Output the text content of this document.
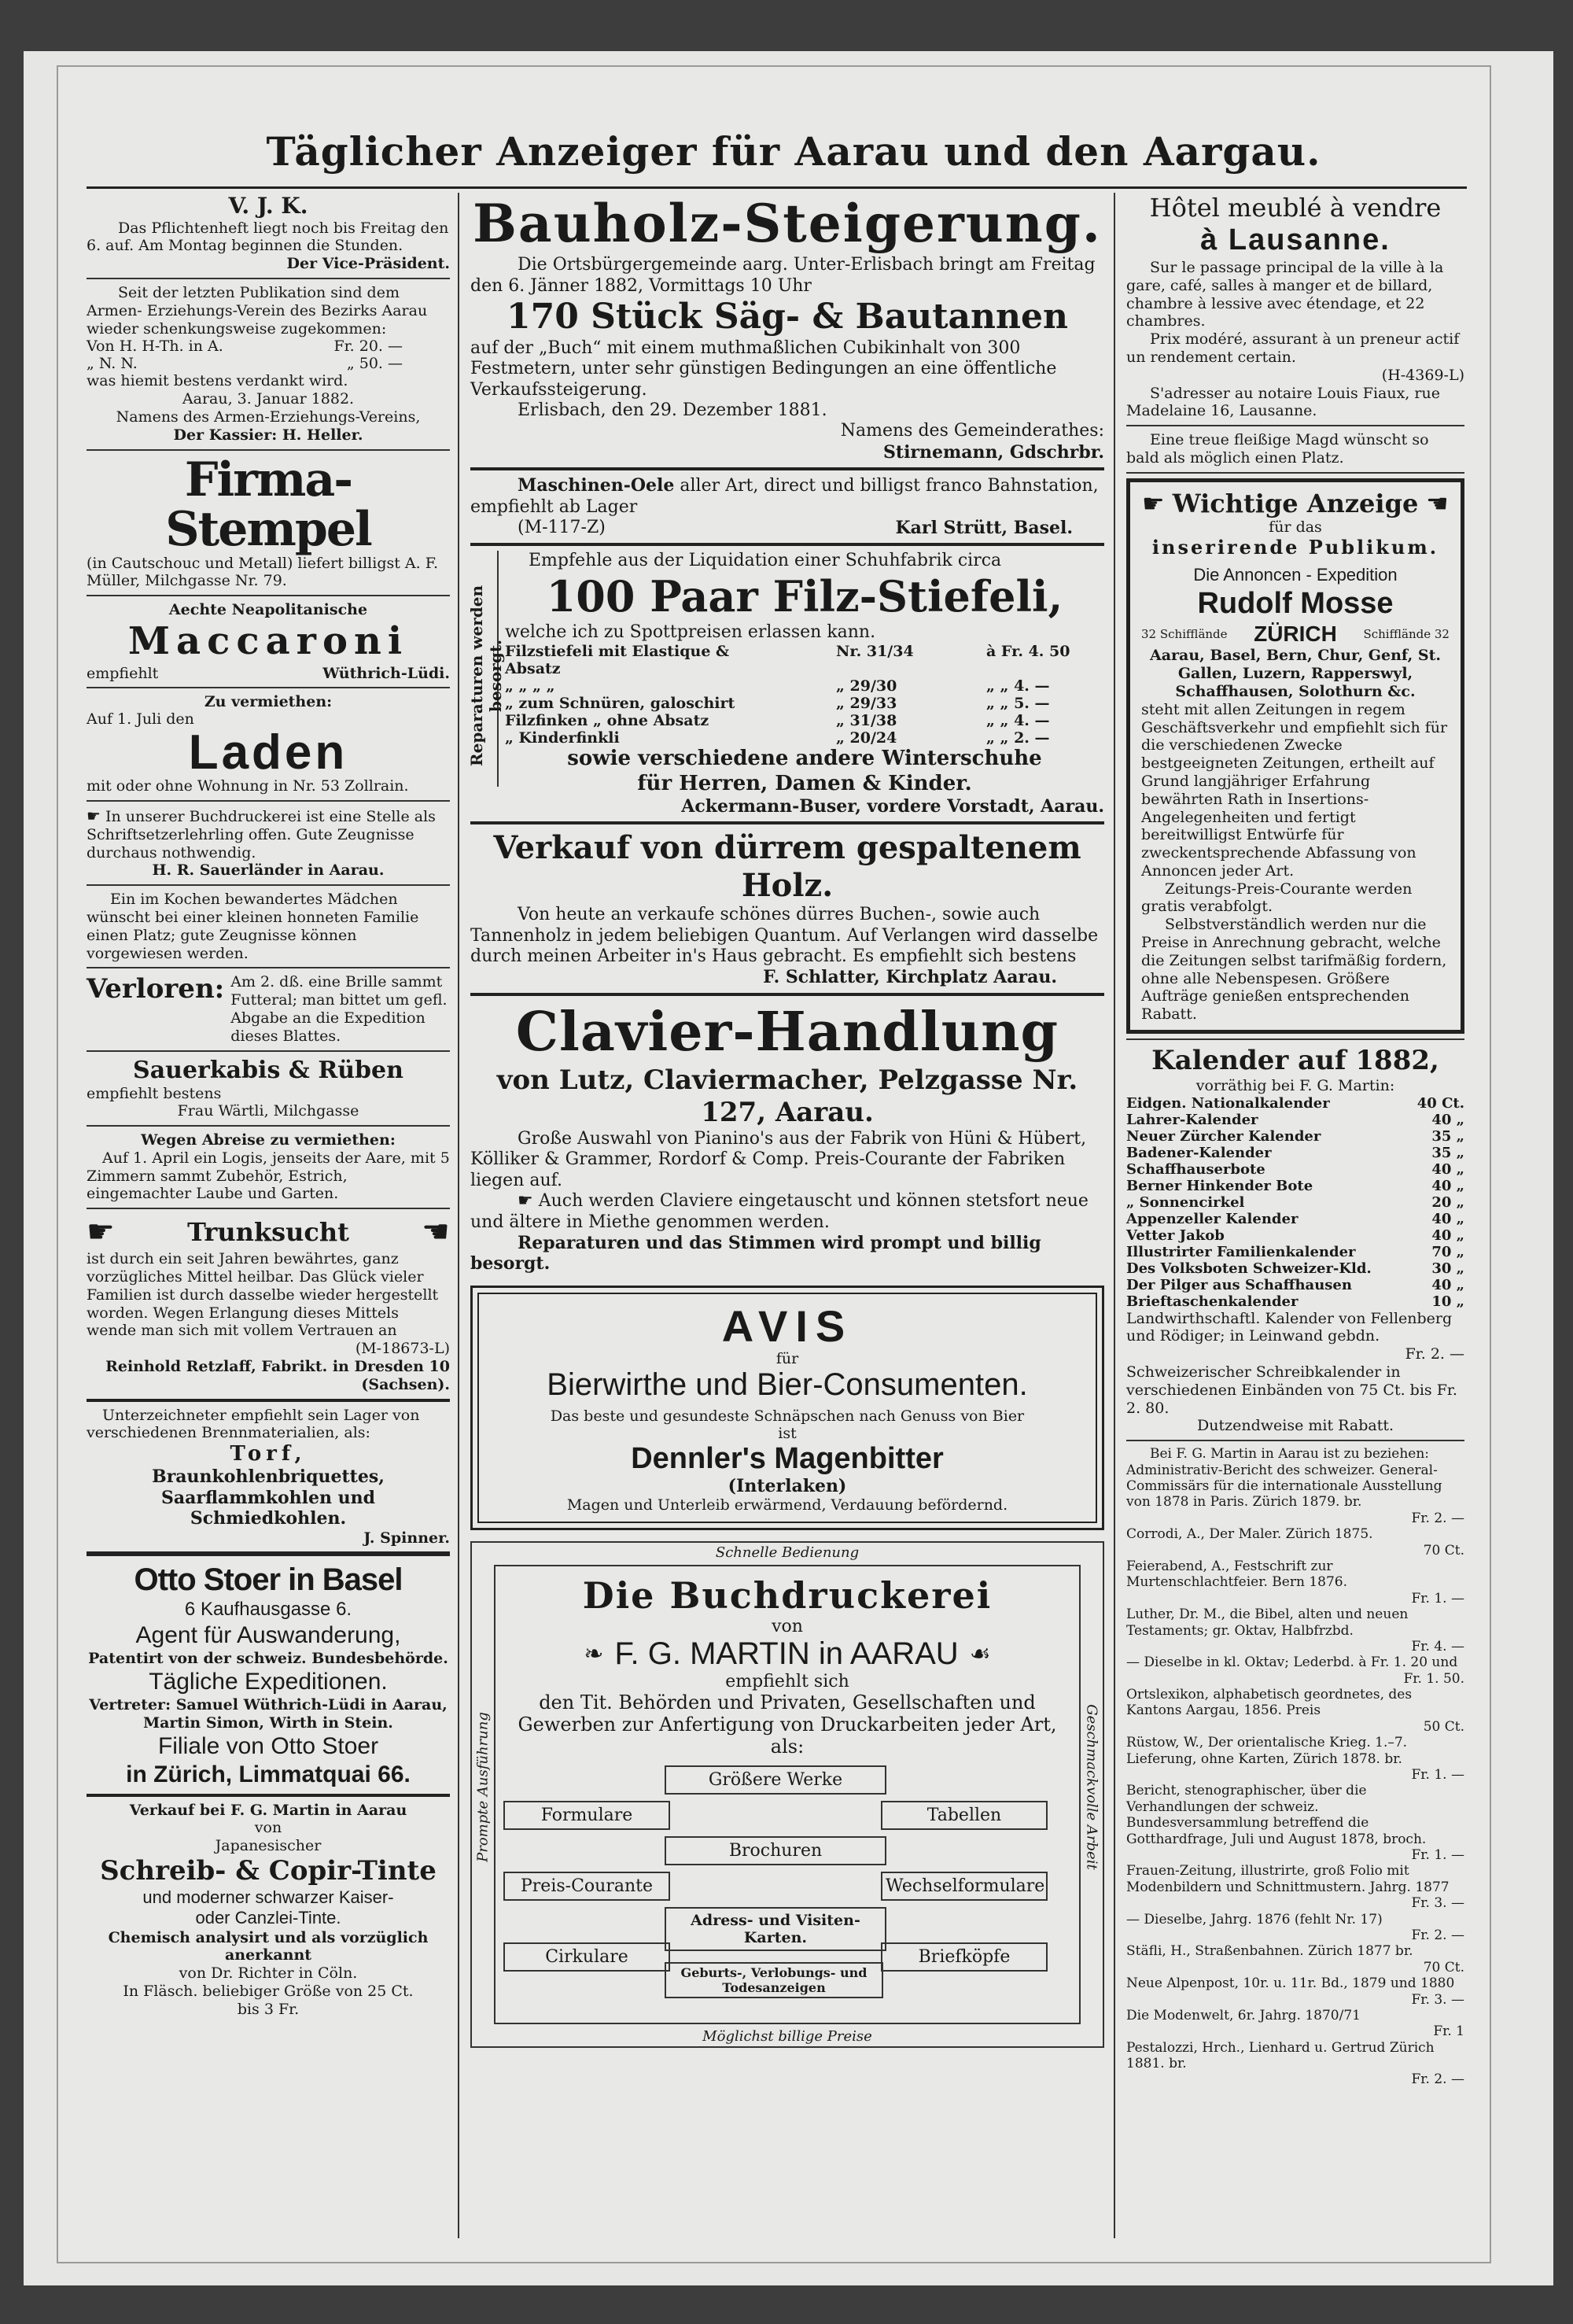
Täglicher Anzeiger für Aarau und den Aargau.
V. J. K.
Das Pflichtenheft liegt noch bis Freitag den 6. auf. Am Montag beginnen die Stunden.
Der Vice-Präsident.
Seit der letzten Publikation sind dem Armen- Erziehungs-Verein des Bezirks Aarau wieder schenkungsweise zugekommen:
Von H. H-Th. in A.	Fr. 20. —
„ N. N.	„ 50. —
was hiemit bestens verdankt wird.
Aarau, 3. Januar 1882.
Namens des Armen-Erziehungs-Vereins,
Der Kassier: H. Heller.
Firma-Stempel
(in Cautschouc und Metall) liefert billigst A. F. Müller, Milchgasse Nr. 79.
Aechte Neapolitanische
Maccaroni
empfiehlt	Wüthrich-Lüdi.
Zu vermiethen:
Auf 1. Juli den
Laden
mit oder ohne Wohnung in Nr. 53 Zollrain.
☛ In unserer Buchdruckerei ist eine Stelle als Schriftsetzerlehrling offen. Gute Zeugnisse durchaus nothwendig.
H. R. Sauerländer in Aarau.
Ein im Kochen bewandertes Mädchen wünscht bei einer kleinen honneten Familie einen Platz; gute Zeugnisse können vorgewiesen werden.
Verloren: Am 2. dß. eine Brille sammt Futteral; man bittet um gefl. Abgabe an die Expedition dieses Blattes.
Sauerkabis & Rüben
empfiehlt bestens
Frau Wärtli, Milchgasse
Wegen Abreise zu vermiethen:
Auf 1. April ein Logis, jenseits der Aare, mit 5 Zimmern sammt Zubehör, Estrich, eingemachter Laube und Garten.
☛	Trunksucht ☛
ist durch ein seit Jahren bewährtes, ganz vorzügliches Mittel heilbar. Das Glück vieler Familien ist durch dasselbe wieder hergestellt worden. Wegen Erlangung dieses Mittels wende man sich mit vollem Vertrauen an
(M-18673-L)
Reinhold Retzlaff, Fabrikt. in Dresden 10 (Sachsen).
Unterzeichneter empfiehlt sein Lager von verschiedenen Brennmaterialien, als:
Torf,
Braunkohlenbriquettes,
Saarflammkohlen und
Schmiedkohlen.
J. Spinner.
Otto Stoer in Basel
6 Kaufhausgasse 6.
Agent für Auswanderung,
Patentirt von der schweiz. Bundesbehörde.
Tägliche Expeditionen.
Vertreter: Samuel Wüthrich-Lüdi in Aarau, Martin Simon, Wirth in Stein.
Filiale von Otto Stoer
in Zürich, Limmatquai 66.
Verkauf bei F. G. Martin in Aarau
von
Japanesischer
Schreib- & Copir-Tinte
und moderner schwarzer Kaiser-
oder Canzlei-Tinte.
Chemisch analysirt und als vorzüglich anerkannt
von Dr. Richter in Cöln.
In Fläsch. beliebiger Größe von 25 Ct.
bis 3 Fr.
Bauholz-Steigerung.
Die Ortsbürgergemeinde aarg. Unter-Erlisbach bringt am Freitag den 6. Jänner 1882, Vormittags 10 Uhr
170 Stück Säg- & Bautannen
auf der „Buch“ mit einem muthmaßlichen Cubikinhalt von 300 Festmetern, unter sehr günstigen Bedingungen an eine öffentliche Verkaufssteigerung.
Erlisbach, den 29. Dezember 1881.
Namens des Gemeinderathes:
Stirnemann, Gdschrbr.
Maschinen-Oele aller Art, direct und billigst franco Bahnstation,
empfiehlt ab Lager
(M-117-Z)	Karl Strütt, Basel.
Reparaturen werden besorgt.
Empfehle aus der Liquidation einer Schuhfabrik circa
100 Paar Filz-Stiefeli,
welche ich zu Spottpreisen erlassen kann.
Filzstiefeli mit Elastique & Absatz
Nr. 31/34	à Fr. 4. 50
„ „ „ „	„ 29/30	„ „ 4. —
„ zum Schnüren, galoschirt	„ 29/33	„ „ 5. —
Filzfinken „ ohne Absatz	„ 31/38	„ „ 4. —
„ Kinderfinkli	„ 20/24	„ „ 2. —
sowie verschiedene andere Winterschuhe
für Herren, Damen & Kinder.
Ackermann-Buser, vordere Vorstadt, Aarau.
Verkauf von dürrem gespaltenem Holz.
Von heute an verkaufe schönes dürres Buchen-, sowie auch Tannenholz in jedem beliebigen Quantum. Auf Verlangen wird dasselbe durch meinen Arbeiter in's Haus gebracht. Es empfiehlt sich bestens
F. Schlatter, Kirchplatz Aarau.
Clavier-Handlung
von Lutz, Claviermacher, Pelzgasse Nr. 127, Aarau.
Große Auswahl von Pianino's aus der Fabrik von Hüni & Hübert, Kölliker & Grammer, Rordorf & Comp. Preis-Courante der Fabriken liegen auf.
☛ Auch werden Claviere eingetauscht und können stetsfort neue und ältere in Miethe genommen werden.
Reparaturen und das Stimmen wird prompt und billig besorgt.
AVIS
für
Bierwirthe und Bier-Consumenten.
Das beste und gesundeste Schnäpschen nach Genuss von Bier
ist
Dennler's Magenbitter
(Interlaken)
Magen und Unterleib erwärmend, Verdauung befördernd.
Schnelle Bedienung
Möglichst billige Preise
Prompte Ausführung	Geschmackvolle Arbeit
Die Buchdruckerei
von
❧ F. G. MARTIN in AARAU ☙
empfiehlt sich
den Tit. Behörden und Privaten, Gesellschaften und Gewerben zur Anfertigung von Druckarbeiten jeder Art, als:
Größere Werke
Formulare	Tabellen
Brochuren
Preis-Courante	Wechselformulare
Adress- und Visiten-Karten.
Cirkulare	Briefköpfe
Geburts-, Verlobungs- und Todesanzeigen
Hôtel meublé à vendre
à Lausanne.
Sur le passage principal de la ville à la gare, café, salles à manger et de billard, chambre à lessive avec étendage, et 22 chambres.
Prix modéré, assurant à un preneur actif un rendement certain.
(H-4369-L)
S'adresser au notaire Louis Fiaux, rue Madelaine 16, Lausanne.
Eine treue fleißige Magd wünscht so bald als möglich einen Platz.
☛ Wichtige Anzeige ☛
für das
inserirende Publikum.
Die Annoncen - Expedition
Rudolf Mosse
32 Schifflände ZÜRICH Schifflände 32
Aarau, Basel, Bern, Chur, Genf, St. Gallen, Luzern, Rapperswyl, Schaffhausen, Solothurn &c.
steht mit allen Zeitungen in regem Geschäftsverkehr und empfiehlt sich für die verschiedenen Zwecke bestgeeigneten Zeitungen, ertheilt auf Grund langjähriger Erfahrung bewährten Rath in Insertions-Angelegenheiten und fertigt bereitwilligst Entwürfe für zweckentsprechende Abfassung von Annoncen jeder Art.
Zeitungs-Preis-Courante werden gratis verabfolgt.
Selbstverständlich werden nur die Preise in Anrechnung gebracht, welche die Zeitungen selbst tarifmäßig fordern, ohne alle Nebenspesen. Größere Aufträge genießen entsprechenden Rabatt.
Kalender auf 1882,
vorräthig bei F. G. Martin:
Eidgen. Nationalkalender	40 Ct.
Lahrer-Kalender	40 „
Neuer Zürcher Kalender	35 „
Badener-Kalender	35 „
Schaffhauserbote	40 „
Berner Hinkender Bote	40 „
„ Sonnencirkel	20 „
Appenzeller Kalender	40 „
Vetter Jakob	40 „
Illustrirter Familienkalender	70 „
Des Volksboten Schweizer-Kld.	30 „
Der Pilger aus Schaffhausen	40 „
Brieftaschenkalender	10 „
Landwirthschaftl. Kalender von Fellenberg und Rödiger; in Leinwand gebdn.
Fr. 2. —
Schweizerischer Schreibkalender in verschiedenen Einbänden von 75 Ct. bis Fr. 2. 80.
Dutzendweise mit Rabatt.
Bei F. G. Martin in Aarau ist zu beziehen:
Administrativ-Bericht des schweizer. General-Commissärs für die internationale Ausstellung von 1878 in Paris. Zürich 1879. br.
Fr. 2. —
Corrodi, A., Der Maler. Zürich 1875.
70 Ct.
Feierabend, A., Festschrift zur Murtenschlachtfeier. Bern 1876.
Fr. 1. —
Luther, Dr. M., die Bibel, alten und neuen Testaments; gr. Oktav, Halbfrzbd.
Fr. 4. —
— Dieselbe in kl. Oktav; Lederbd. à Fr. 1. 20 und
Fr. 1. 50.
Ortslexikon, alphabetisch geordnetes, des Kantons Aargau, 1856. Preis
50 Ct.
Rüstow, W., Der orientalische Krieg. 1.–7. Lieferung, ohne Karten, Zürich 1878. br.
Fr. 1. —
Bericht, stenographischer, über die Verhandlungen der schweiz. Bundesversammlung betreffend die Gotthardfrage, Juli und August 1878, broch.
Fr. 1. —
Frauen-Zeitung, illustrirte, groß Folio mit Modenbildern und Schnittmustern. Jahrg. 1877
Fr. 3. —
— Dieselbe, Jahrg. 1876 (fehlt Nr. 17)
Fr. 2. —
Stäfli, H., Straßenbahnen. Zürich 1877 br.
70 Ct.
Neue Alpenpost, 10r. u. 11r. Bd., 1879 und 1880
Fr. 3. —
Die Modenwelt, 6r. Jahrg. 1870/71
Fr. 1
Pestalozzi, Hrch., Lienhard u. Gertrud Zürich 1881. br.
Fr. 2. —
